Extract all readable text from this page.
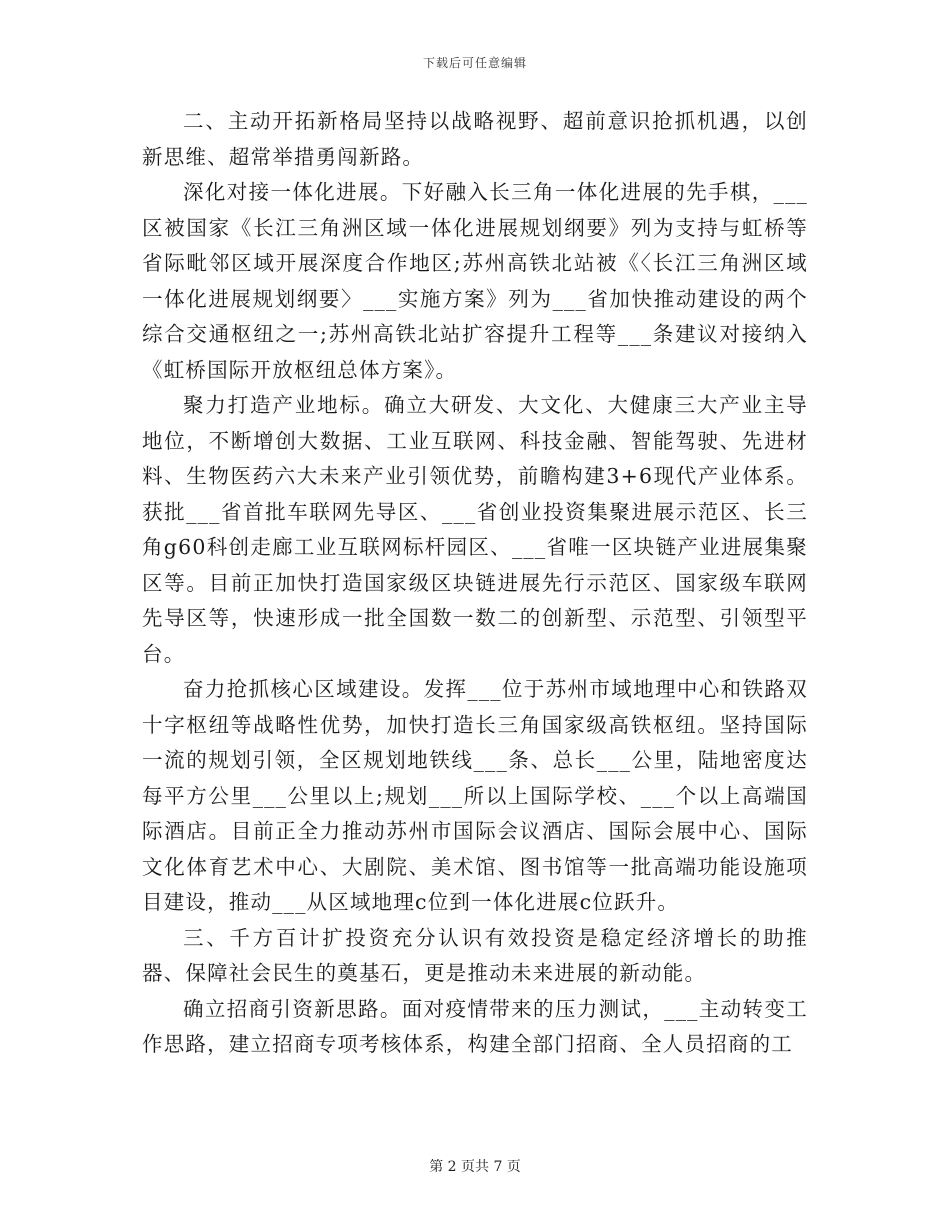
下载后可任意编辑

二、主动开拓新格局坚持以战略视野、超前意识抢抓机遇，以创新思维、超常举措勇闯新路。

深化对接一体化进展。下好融入长三角一体化进展的先手棋，___区被国家《长江三角洲区域一体化进展规划纲要》列为支持与虹桥等省际毗邻区域开展深度合作地区;苏州高铁北站被《〈长江三角洲区域一体化进展规划纲要〉___实施方案》列为___省加快推动建设的两个综合交通枢纽之一;苏州高铁北站扩容提升工程等___条建议对接纳入《虹桥国际开放枢纽总体方案》。

聚力打造产业地标。确立大研发、大文化、大健康三大产业主导地位，不断增创大数据、工业互联网、科技金融、智能驾驶、先进材料、生物医药六大未来产业引领优势，前瞻构建3+6现代产业体系。获批___省首批车联网先导区、___省创业投资集聚进展示范区、长三角g60科创走廊工业互联网标杆园区、___省唯一区块链产业进展集聚区等。目前正加快打造国家级区块链进展先行示范区、国家级车联网先导区等，快速形成一批全国数一数二的创新型、示范型、引领型平台。

奋力抢抓核心区域建设。发挥___位于苏州市域地理中心和铁路双十字枢纽等战略性优势，加快打造长三角国家级高铁枢纽。坚持国际一流的规划引领，全区规划地铁线___条、总长___公里，陆地密度达每平方公里___公里以上;规划___所以上国际学校、___个以上高端国际酒店。目前正全力推动苏州市国际会议酒店、国际会展中心、国际文化体育艺术中心、大剧院、美术馆、图书馆等一批高端功能设施项目建设，推动___从区域地理c位到一体化进展c位跃升。

三、千方百计扩投资充分认识有效投资是稳定经济增长的助推器、保障社会民生的奠基石，更是推动未来进展的新动能。

确立招商引资新思路。面对疫情带来的压力测试，___主动转变工作思路，建立招商专项考核体系，构建全部门招商、全人员招商的工

第 2 页共 7 页
